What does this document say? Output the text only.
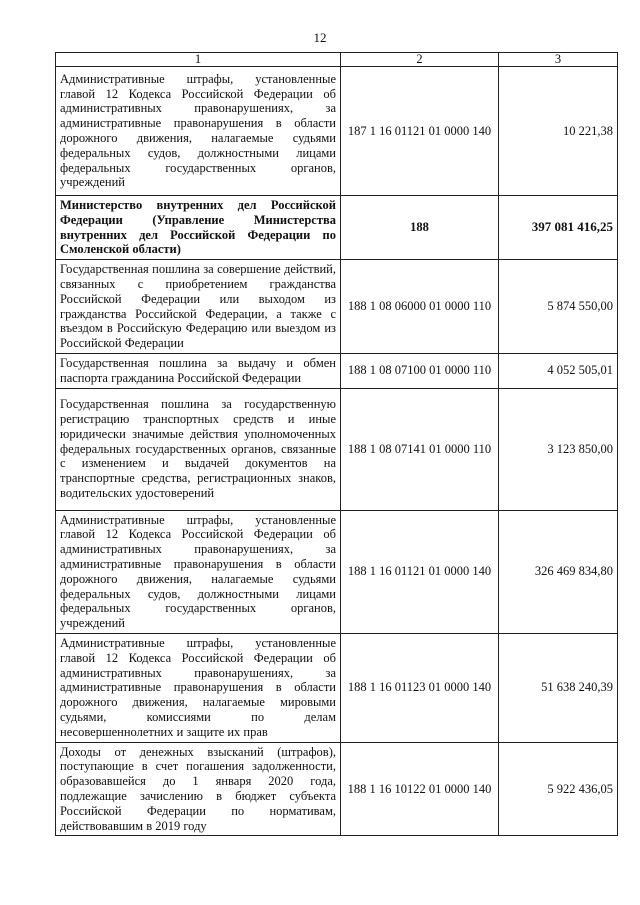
12
1	2	3
Административные штрафы, установленные главой 12 Кодекса Российской Федерации об административных правонарушениях, за административные правонарушения в области дорожного движения, налагаемые судьями федеральных судов, должностными лицами федеральных государственных органов, учреждений	187 1 16 01121 01 0000 140	10 221,38
Министерство внутренних дел Российской Федерации (Управление Министерства внутренних дел Российской Федерации по Смоленской области)	188	397 081 416,25
Государственная пошлина за совершение действий, связанных с приобретением гражданства Российской Федерации или выходом из гражданства Российской Федерации, а также с въездом в Российскую Федерацию или выездом из Российской Федерации	188 1 08 06000 01 0000 110	5 874 550,00
Государственная пошлина за выдачу и обмен паспорта гражданина Российской Федерации	188 1 08 07100 01 0000 110	4 052 505,01
Государственная пошлина за государственную регистрацию транспортных средств и иные юридически значимые действия уполномоченных федеральных государственных органов, связанные с изменением и выдачей документов на транспортные средства, регистрационных знаков, водительских удостоверений	188 1 08 07141 01 0000 110	3 123 850,00
Административные штрафы, установленные главой 12 Кодекса Российской Федерации об административных правонарушениях, за административные правонарушения в области дорожного движения, налагаемые судьями федеральных судов, должностными лицами федеральных государственных органов, учреждений	188 1 16 01121 01 0000 140	326 469 834,80
Административные штрафы, установленные главой 12 Кодекса Российской Федерации об административных правонарушениях, за административные правонарушения в области дорожного движения, налагаемые мировыми судьями, комиссиями по делам несовершеннолетних и защите их прав	188 1 16 01123 01 0000 140	51 638 240,39
Доходы от денежных взысканий (штрафов), поступающие в счет погашения задолженности, образовавшейся до 1 января 2020 года, подлежащие зачислению в бюджет субъекта Российской Федерации по нормативам, действовавшим в 2019 году	188 1 16 10122 01 0000 140	5 922 436,05
